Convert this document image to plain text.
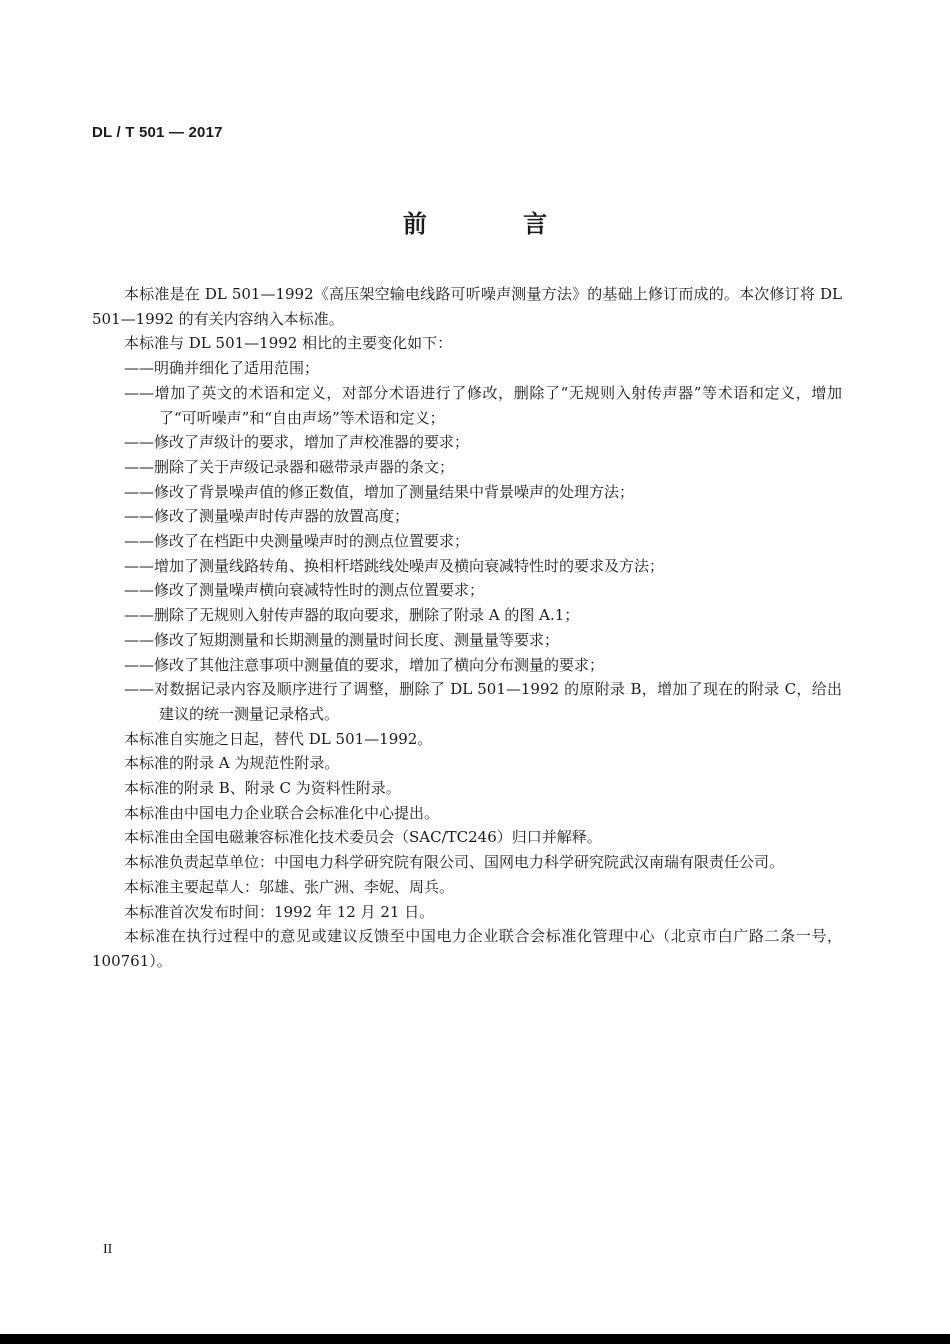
DL / T 501 — 2017
前 言

本标准是在 DL 501—1992《高压架空输电线路可听噪声测量方法》的基础上修订而成的。本次修订将 DL 501—1992 的有关内容纳入本标准。

本标准与 DL 501—1992 相比的主要变化如下：

——明确并细化了适用范围；

——增加了英文的术语和定义，对部分术语进行了修改，删除了“无规则入射传声器”等术语和定义，增加了“可听噪声”和“自由声场”等术语和定义；

——修改了声级计的要求，增加了声校准器的要求；

——删除了关于声级记录器和磁带录声器的条文；

——修改了背景噪声值的修正数值，增加了测量结果中背景噪声的处理方法；

——修改了测量噪声时传声器的放置高度；

——修改了在档距中央测量噪声时的测点位置要求；

——增加了测量线路转角、换相杆塔跳线处噪声及横向衰减特性时的要求及方法；

——修改了测量噪声横向衰减特性时的测点位置要求；

——删除了无规则入射传声器的取向要求，删除了附录 A 的图 A.1；

——修改了短期测量和长期测量的测量时间长度、测量量等要求；

——修改了其他注意事项中测量值的要求，增加了横向分布测量的要求；

——对数据记录内容及顺序进行了调整，删除了 DL 501—1992 的原附录 B，增加了现在的附录 C，给出建议的统一测量记录格式。

本标准自实施之日起，替代 DL 501—1992。

本标准的附录 A 为规范性附录。

本标准的附录 B、附录 C 为资料性附录。

本标准由中国电力企业联合会标准化中心提出。

本标准由全国电磁兼容标准化技术委员会（SAC/TC246）归口并解释。

本标准负责起草单位：中国电力科学研究院有限公司、国网电力科学研究院武汉南瑞有限责任公司。

本标准主要起草人：邬雄、张广洲、李妮、周兵。

本标准首次发布时间：1992 年 12 月 21 日。

本标准在执行过程中的意见或建议反馈至中国电力企业联合会标准化管理中心（北京市白广路二条一号，100761）。

II
